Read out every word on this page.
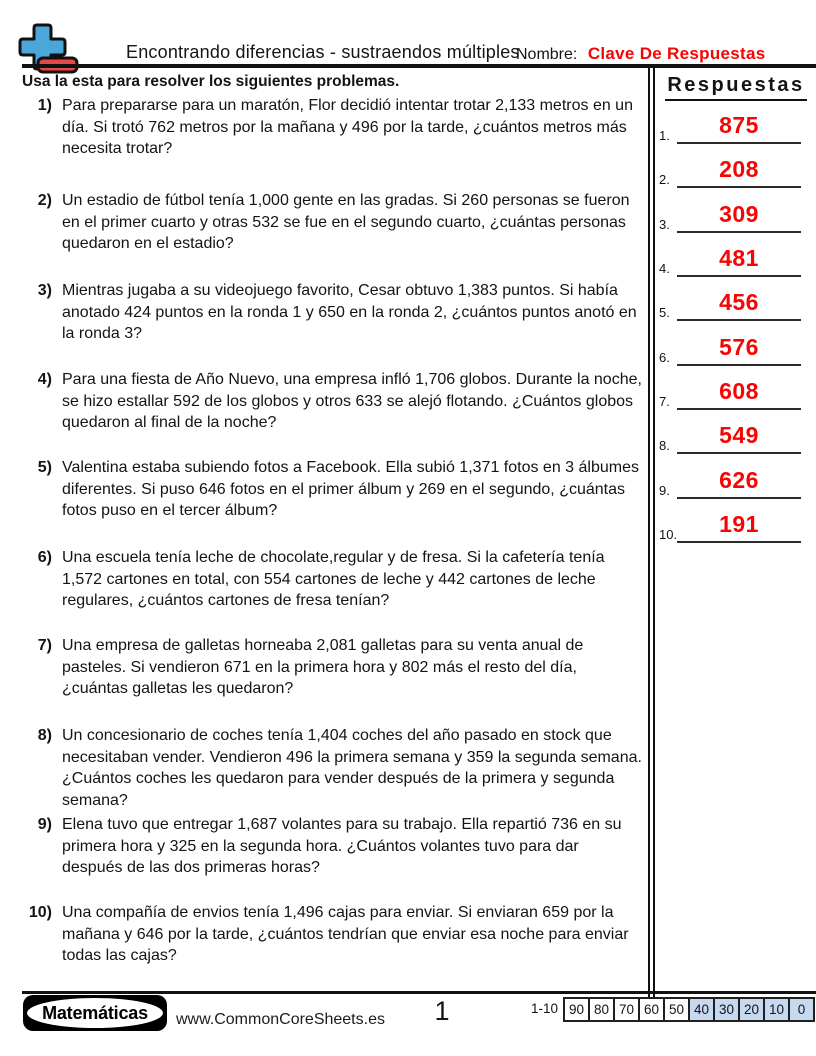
Encontrando diferencias - sustraendos múltiples
Nombre: Clave De Respuestas
Usa la esta para resolver los siguientes problemas.
1) Para prepararse para un maratón, Flor decidió intentar trotar 2,133 metros en un día. Si trotó 762 metros por la mañana y 496 por la tarde, ¿cuántos metros más necesita trotar?
2) Un estadio de fútbol tenía 1,000 gente en las gradas. Si 260 personas se fueron en el primer cuarto y otras 532 se fue en el segundo cuarto, ¿cuántas personas quedaron en el estadio?
3) Mientras jugaba a su videojuego favorito, Cesar obtuvo 1,383 puntos. Si había anotado 424 puntos en la ronda 1 y 650 en la ronda 2, ¿cuántos puntos anotó en la ronda 3?
4) Para una fiesta de Año Nuevo, una empresa infló 1,706 globos. Durante la noche, se hizo estallar 592 de los globos y otros 633 se alejó flotando. ¿Cuántos globos quedaron al final de la noche?
5) Valentina estaba subiendo fotos a Facebook. Ella subió 1,371 fotos en 3 álbumes diferentes. Si puso 646 fotos en el primer álbum y 269 en el segundo, ¿cuántas fotos puso en el tercer álbum?
6) Una escuela tenía leche de chocolate,regular y de fresa. Si la cafetería tenía 1,572 cartones en total, con 554 cartones de leche y 442 cartones de leche regulares, ¿cuántos cartones de fresa tenían?
7) Una empresa de galletas horneaba 2,081 galletas para su venta anual de pasteles. Si vendieron 671 en la primera hora y 802 más el resto del día, ¿cuántas galletas les quedaron?
8) Un concesionario de coches tenía 1,404 coches del año pasado en stock que necesitaban vender. Vendieron 496 la primera semana y 359 la segunda semana. ¿Cuántos coches les quedaron para vender después de la primera y segunda semana?
9) Elena tuvo que entregar 1,687 volantes para su trabajo. Ella repartió 736 en su primera hora y 325 en la segunda hora. ¿Cuántos volantes tuvo para dar después de las dos primeras horas?
10) Una compañía de envios tenía 1,496 cajas para enviar. Si enviaran 659 por la mañana y 646 por la tarde, ¿cuántos tendrían que enviar esa noche para enviar todas las cajas?
Respuestas
1.	875
2.	208
3.	309
4.	481
5.	456
6.	576
7.	608
8.	549
9.	626
10.	191
Matemáticas www.CommonCoreSheets.es	1	1-10 90 80 70 60 50 40 30 20 10	0
